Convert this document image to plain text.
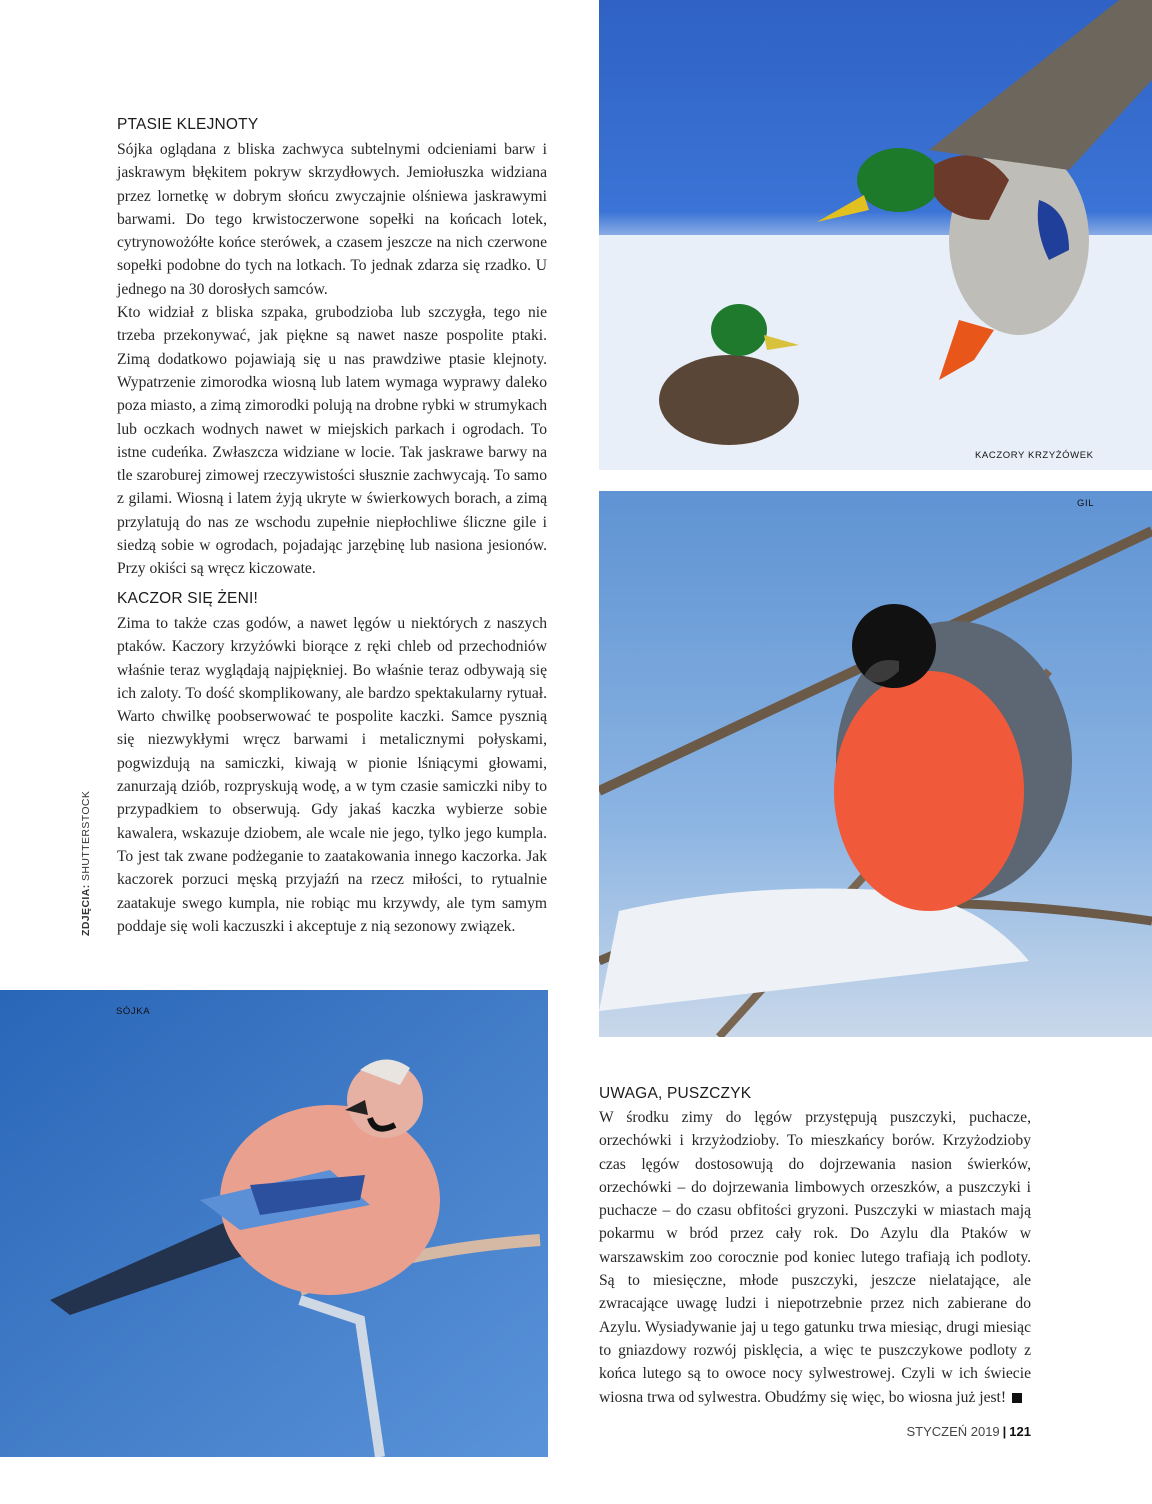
PTASIE KLEJNOTY

Sójka oglądana z bliska zachwyca subtelnymi odcieniami barw i jaskrawym błękitem pokryw skrzydłowych. Jemiołuszka widziana przez lornetkę w dobrym słońcu zwyczajnie olśniewa jaskrawymi barwami. Do tego krwistoczerwone sopełki na końcach lotek, cytrynowożółte końce sterówek, a czasem jeszcze na nich czerwone sopełki podobne do tych na lotkach. To jednak zdarza się rzadko. U jednego na 30 dorosłych samców.

Kto widział z bliska szpaka, grubodzioba lub szczygła, tego nie trzeba przekonywać, jak piękne są nawet nasze pospolite ptaki. Zimą dodatkowo pojawiają się u nas prawdziwe ptasie klejnoty. Wypatrzenie zimorodka wiosną lub latem wymaga wyprawy daleko poza miasto, a zimą zimorodki polują na drobne rybki w strumykach lub oczkach wodnych nawet w miejskich parkach i ogrodach. To istne cudeńka. Zwłaszcza widziane w locie. Tak jaskrawe barwy na tle szaroburej zimowej rzeczywistości słusznie zachwycają. To samo z gilami. Wiosną i latem żyją ukryte w świerkowych borach, a zimą przylatują do nas ze wschodu zupełnie niepłochliwe śliczne gile i siedzą sobie w ogrodach, pojadając jarzębinę lub nasiona jesionów. Przy okiści są wręcz kiczowate.

KACZOR SIĘ ŻENI!

Zima to także czas godów, a nawet lęgów u niektórych z naszych ptaków. Kaczory krzyżówki biorące z ręki chleb od przechodniów właśnie teraz wyglądają najpiękniej. Bo właśnie teraz odbywają się ich zaloty. To dość skomplikowany, ale bardzo spektakularny rytuał. Warto chwilkę poobserwować te pospolite kaczki. Samce pysznią się niezwykłymi wręcz barwami i metalicznymi połyskami, pogwizdują na samiczki, kiwają w pionie lśniącymi głowami, zanurzają dziób, rozpryskują wodę, a w tym czasie samiczki niby to przypadkiem to obserwują. Gdy jakaś kaczka wybierze sobie kawalera, wskazuje dziobem, ale wcale nie jego, tylko jego kumpla. To jest tak zwane podżeganie to zaatakowania innego kaczorka. Jak kaczorek porzuci męską przyjaźń na rzecz miłości, to rytualnie zaatakuje swego kumpla, nie robiąc mu krzywdy, ale tym samym poddaje się woli kaczuszki i akceptuje z nią sezonowy związek.

ZDJĘCIA: SHUTTERSTOCK
KACZORY KRZYŻÓWEK
GIL
SÓJKA
UWAGA, PUSZCZYK

W środku zimy do lęgów przystępują puszczyki, puchacze, orzechówki i krzyżodzioby. To mieszkańcy borów. Krzyżodzioby czas lęgów dostosowują do dojrzewania nasion świerków, orzechówki – do dojrzewania limbowych orzeszków, a puszczyki i puchacze – do czasu obfitości gryzoni. Puszczyki w miastach mają pokarmu w bród przez cały rok. Do Azylu dla Ptaków w warszawskim zoo corocznie pod koniec lutego trafiają ich podloty. Są to miesięczne, młode puszczyki, jeszcze nielatające, ale zwracające uwagę ludzi i niepotrzebnie przez nich zabierane do Azylu. Wysiadywanie jaj u tego gatunku trwa miesiąc, drugi miesiąc to gniazdowy rozwój pisklęcia, a więc te puszczykowe podloty z końca lutego są to owoce nocy sylwestrowej. Czyli w ich świecie wiosna trwa od sylwestra. Obudźmy się więc, bo wiosna już jest!

STYCZEŃ 2019 | 121
